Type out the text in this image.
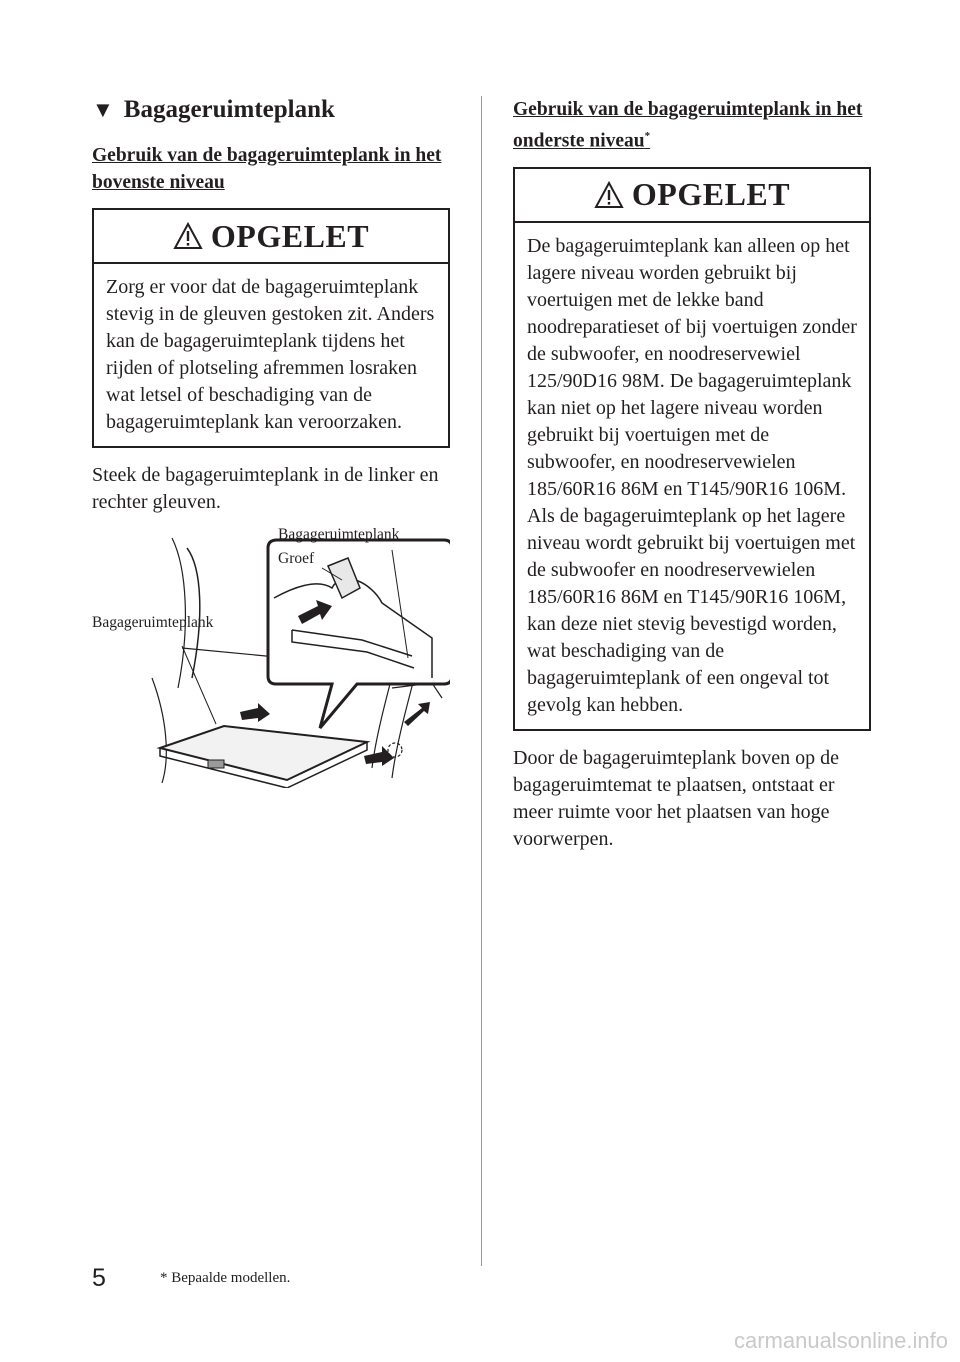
▼ Bagageruimteplank
Gebruik van de bagageruimteplank in het bovenste niveau
OPGELET
Zorg er voor dat de bagageruimteplank stevig in de gleuven gestoken zit. Anders kan de bagageruimteplank tijdens het rijden of plotseling afremmen losraken wat letsel of beschadiging van de bagageruimteplank kan veroorzaken.

Steek de bagageruimteplank in de linker en rechter gleuven.

Bagageruimteplank
Groef
Bagageruimteplank
Gebruik van de bagageruimteplank in het onderste niveau*
OPGELET
De bagageruimteplank kan alleen op het lagere niveau worden gebruikt bij voertuigen met de lekke band noodreparatieset of bij voertuigen zonder de subwoofer, en noodreservewiel 125/90D16 98M. De bagageruimteplank kan niet op het lagere niveau worden gebruikt bij voertuigen met de subwoofer, en noodreservewielen 185/60R16 86M en T145/90R16 106M. Als de bagageruimteplank op het lagere niveau wordt gebruikt bij voertuigen met de subwoofer en noodreservewielen 185/60R16 86M en T145/90R16 106M, kan deze niet stevig bevestigd worden, wat beschadiging van de bagageruimteplank of een ongeval tot gevolg kan hebben.

Door de bagageruimteplank boven op de bagageruimtemat te plaatsen, ontstaat er meer ruimte voor het plaatsen van hoge voorwerpen.

5	* Bepaalde modellen.
carmanualsonline.info
